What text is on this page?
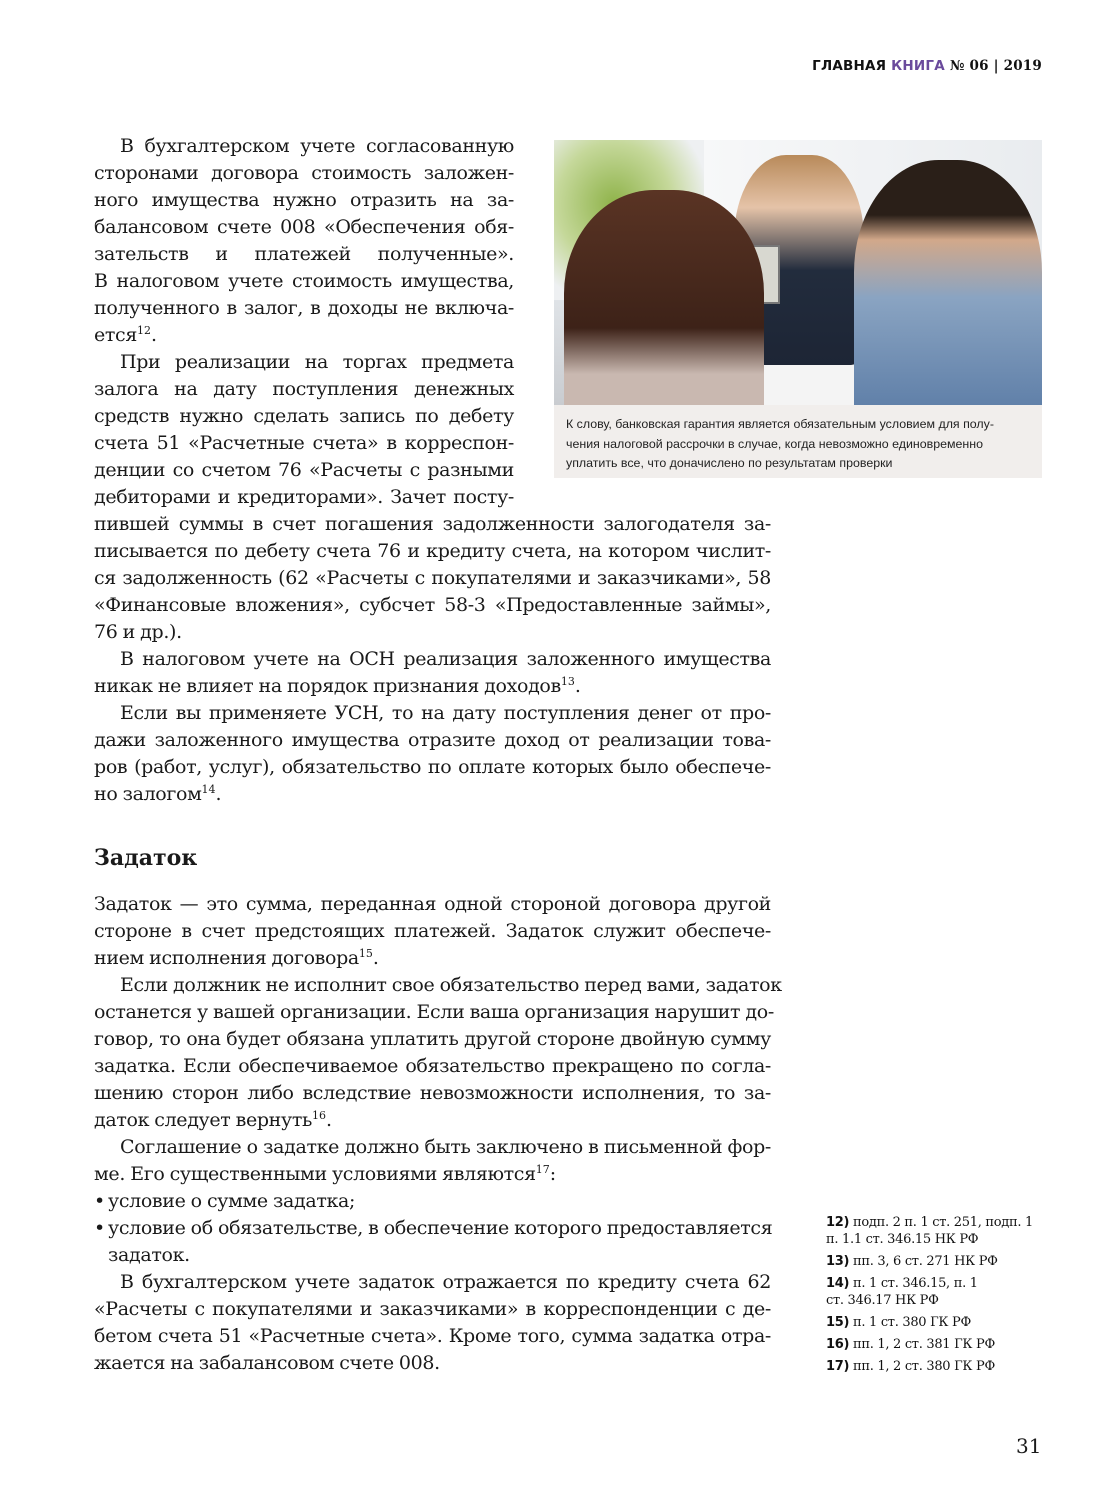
ГЛАВНАЯ КНИГА № 06 | 2019
К слову, банковская гарантия является обязательным условием для полу-
чения налоговой рассрочки в случае, когда невозможно единовременно
уплатить все, что доначислено по результатам проверки
В бухгалтерском учете согласованную
сторонами договора стоимость заложен-
ного имущества нужно отразить на за-
балансовом счете 008 «Обеспечения обя-
зательств и платежей полученные».
В налоговом учете стоимость имущества,
полученного в залог, в доходы не включа-
ется$^{12}$.
При реализации на торгах предмета
залога на дату поступления денежных
средств нужно сделать запись по дебету
счета 51 «Расчетные счета» в корреспон-
денции со счетом 76 «Расчеты с разными
дебиторами и кредиторами». Зачет посту-
пившей суммы в счет погашения задолженности залогодателя за-
писывается по дебету счета 76 и кредиту счета, на котором числит-
ся задолженность (62 «Расчеты с покупателями и заказчиками», 58
«Финансовые вложения», субсчет 58-3 «Предоставленные займы»,
76 и др.).
В налоговом учете на ОСН реализация заложенного имущества
никак не влияет на порядок признания доходов$^{13}$.
Если вы применяете УСН, то на дату поступления денег от про-
дажи заложенного имущества отразите доход от реализации това-
ров (работ, услуг), обязательство по оплате которых было обеспече-
но залогом$^{14}$.
Задаток
Задаток — это сумма, переданная одной стороной договора другой
стороне в счет предстоящих платежей. Задаток служит обеспече-
нием исполнения договора$^{15}$.
Если должник не исполнит свое обязательство перед вами, задаток
останется у вашей организации. Если ваша организация нарушит до-
говор, то она будет обязана уплатить другой стороне двойную сумму
задатка. Если обеспечиваемое обязательство прекращено по согла-
шению сторон либо вследствие невозможности исполнения, то за-
даток следует вернуть$^{16}$.
Соглашение о задатке должно быть заключено в письменной фор-
ме. Его существенными условиями являются$^{17}$:
• условие о сумме задатка;
• условие об обязательстве, в обеспечение которого предоставляется
задаток.
В бухгалтерском учете задаток отражается по кредиту счета 62
«Расчеты с покупателями и заказчиками» в корреспонденции с де-
бетом счета 51 «Расчетные счета». Кроме того, сумма задатка отра-
жается на забалансовом счете 008.
12) подп. 2 п. 1 ст. 251, подп. 1
п. 1.1 ст. 346.15 НК РФ
13) пп. 3, 6 ст. 271 НК РФ
14) п. 1 ст. 346.15, п. 1
ст. 346.17 НК РФ
15) п. 1 ст. 380 ГК РФ
16) пп. 1, 2 ст. 381 ГК РФ
17) пп. 1, 2 ст. 380 ГК РФ
31
